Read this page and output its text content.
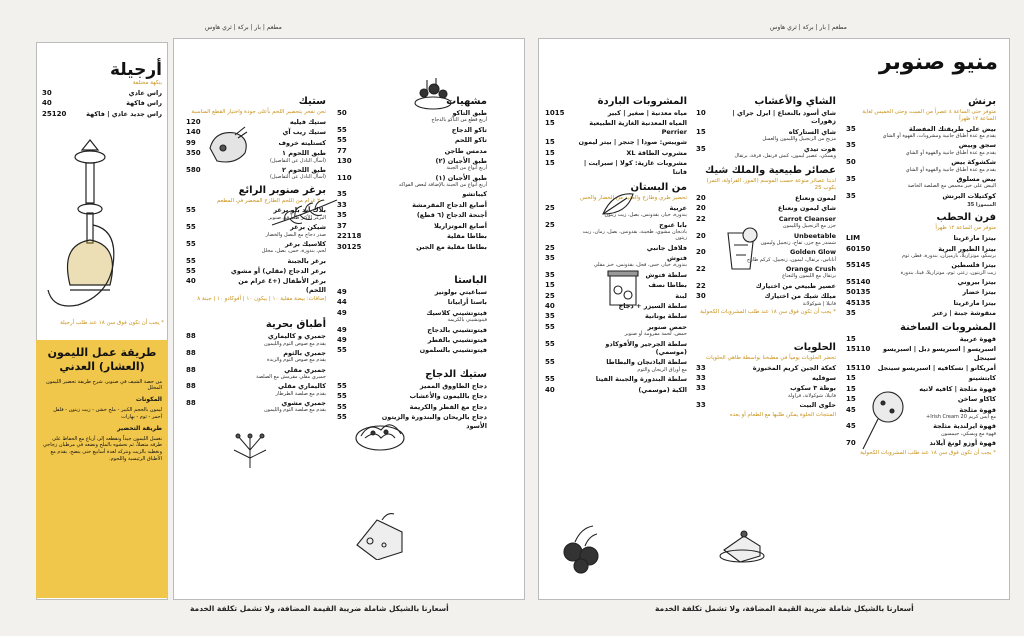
مطعم | بار | بركة | ثري هاوس	مطعم | بار | بركة | ثري هاوس
أرجيلة
بنكهة مختلفة
راس عادي
30
راس فاكهة
40
راس جديد عادي | فاكهة
25120
* يجب أن تكون فوق سن ١٨ عند طلب أرجيلة
طريقة عمل الليمون (العشار) العدني
من حصة الشيف في صنوبر، شرح طريقة تحضير الليمون المخلل
المكونات
ليمون بالحجم الكبير - ملح خشن - زيت زيتون - فلفل أحمر - ثوم - بهارات
طريقة التحضير
نغسل الليمون جيداً ونقطعه إلى أرباع مع الحفاظ على طرفه متصلاً، ثم نحشوه بالملح ونضعه في مرطبان زجاجي ونغطيه بالزيت ونتركه لعدة أسابيع حتى ينضج. يقدم مع الأطباق الرئيسية واللحوم.
مشهيات
طبق التاكو
أربع قطع من التاكو بالدجاج
50
تاكو الدجاج
55
تاكو اللحم
55
مدمس طاجن
77
طبق الأجبان (٢)
أربع أنواع من الجبنة
130
طبق الأجبان (١)
أربع أنواع من الجبنة بالإضافة لبعض الفواكه
110
كيباتشو
35
أصابع الدجاج المقرمشة
33
أجنحة الدجاج (٦ قطع)
35
أصابع الموتزاريلا
37
بطاطا مقلية
22118
بطاطا مقلية مع الجبن
30125
الباستا
سباغيتي بولونيز
49
باستا أرابياتا
44
فيتوتشيني كلاسيك
فيتوتشيني بالكريمة
49
فيتوتشيني بالدجاج
49
فيتوتشيني بالفطر
49
فيتوتشيني بالسلمون
55
ستيك الدجاج
دجاج الطاووق المميز
55
دجاج بالليمون والأعشاب
55
دجاج مع الفطر والكريمة
55
دجاج بالريحان والبندورة والزيتون الأسود
55
ستيك
نحن نفخر بتحضير اللحم بأعلى جودة واختيار القطع المناسبة
ستيك فيليه
120
ستيك ريب آي
140
كستليته خروف
99
طبق اللحوم ١
(أسأل النادل عن التفاصيل)
350
طبق اللحوم ٢
(أسأل النادل عن التفاصيل)
580
برغر صنوبر الرائع
٢٠٠ غرام من اللحم الطازج المحضر في المطعم
بلاك آند بلو برغر
البرغر الأكثر طلباً في صنوبر
55
شيكن برغر
صدر دجاج مع البصل والخضار
55
كلاسيك برغر
لحم، بندورة، خس، بصل، مخلل
55
برغر بالجبنة
55
برغر الدجاج (مقلي) أو مشوي
55
برغر الأطفال (+٤ غرام من اللحم)
40
إضافات: بيضة مقلية ١٠ | بيكون ١٠ | أفوكادو ١٠ | جبنة ٨
أطباق بحرية
جمبري و كاليماري
يقدم مع صوص الثوم والليمون
88
جمبري بالثوم
يقدم مع صوص الثوم والزبدة
88
جمبري مقلي
جمبري مقلي مقرمش مع الصلصة
88
كاليماري مقلي
يقدم مع صلصة الطرطار
88
جمبري مشوي
يقدم مع صلصة الثوم والليمون
88
أسعارنا بالشيكل شاملة ضريبة القيمة المضافة، ولا تشمل تكلفة الخدمة
منيو صنوبر
برنش
متوفر حتى الساعة ٤ عصراً من السبت وحتى الخميس لغاية الساعة ١٢ ظهراً
بيض على طريقتك المفضلة
يقدم مع عدة أطباق جانبية ومشروبات، القهوة أو الشاي
35
سجق وبيض
يقدم مع عدة أطباق جانبية والقهوة أو الشاي
35
شكشوكة بيض
يقدم مع عدة أطباق جانبية والقهوة أو الشاي
50
بيض مسلوق
البيض على خبز محمص مع الصلصة الخاصة
35
كوكتيلات البرنش
35
الميموزا 35
فرن الحطب
متوفر من الساعة ١٢ ظهراً
بيتزا مارغريتا
LIM
بيتزا الطيور البرية
برسكو، موتزاريلا، بارميزان، بندورة، فطر، ثوم
60150
بيتزا فلسطين
زيت الزيتون، زعتر، ثوم، موتزاريلا، فيتا، بندورة
55145
بيتزا بيروني
55140
بيتزا خضار
50135
بيتزا مارغريتا
45135
منقوشة جبنة | زعتر
35
المشروبات الساخنة
قهوة عربية
15
اسبريسو | اسبريسو دبل | اسبريسو سينجل
15110
أمريكانو | نسكافيه | اسبريسو سينجل
15110
كابتشينو
15
قهوة مثلجة | كافيه لاتيه
15
كاكاو ساخن
15
قهوة مثلجة
مع آيس كريم Irish Cream 20+
45
قهوة ايرلندية مثلجة
قهوة مع ويسكي، جيمسون
45
قهوة أوزو لونغ آيلاند
70
* يجب أن تكون فوق سن ١٨ عند طلب المشروبات الكحولية
الشاي والأعشاب
شاي أسود بالنعناع | ايرل جراي | زهورات
10
شاي الستاركاه
مزيج من الزنجبيل والليمون والعسل
15
هوت تيدي
ويسكي، عصير ليمون، كبش قرنفل، قرفة، برتقال
35
عصائر طبيعية والملك شيك
لدينا عصائر منوعة حسب الموسم (الموز، الفراولة، التمر) بكوب 25
ليمون ونعناع
20
شاي ليمون ونعناع
20
Carrot Cleanser
جزر مع الزنجبيل والليمون
22
Unbeetable
شمندر مع جزر، تفاح، زنجبيل وليمون
20
Golden Glow
أناناس، برتقال، ليمون، زنجبيل، كركم طازج
20
Orange Crush
برتقال مع الليمون والنعناع
22
عصير طبيعي من اختيارك
22
ميلك شيك من اختيارك
فانيلا | شوكولاتة
30
* يجب أن تكون فوق سن ١٨ عند طلب المشروبات الكحولية
الحلويات
تحضر الحلويات يومياً في مطبخنا بواسطة طاهي الحلويات
كعكة الجبن كريم المخبوزة
33
سوفليه
33
بوظة ٣ سكوب
فانيلا، شوكولاتة، فراولة
33
حلوى البيت
33
المنتجات الحلوة يمكن طلبها مع الطعام أو بعده
المشروبات الباردة
مياه معدنية | صغير | كبير
1015
المياه المعدنية الغازية الطبيعية Perrier
15
شويبس: صودا | جنجر | بيتر ليمون
15
مشروب الطاقة XL
15
مشروبات غازية: كولا | سبرايت | فانتا
15
من البستان
تحضير طري وطازج والعديد من الخضار والخس
عربية
بندورة، خيار، بقدونس، بصل، زيت زيتون
25
بابا غنوج
باذنجان مشوي، طحينة، بقدونس، بصل، رمان، زيت زيتون
25
فلافل جانبي
25
فتوش
بندورة، خيار، خس، فجل، بقدونس، خبز مقلي
35
سلطة فتوش
35
بطاطا نصف
15
لبنة
25
سلطة السيزر + دجاج
40
سلطة يونانية
35
حمص صنوبر
حمص، لحمة مفرومة أو صنوبر
55
سلطة الجرجير والأفوكادو (موسمي)
55
سلطة الباذنجان والبطاطا
مع أوراق الريحان والثوم
55
سلطة البندورة والجبنة الفيتا
55
الكبة (موسمي)
40
أسعارنا بالشيكل شاملة ضريبة القيمة المضافة، ولا تشمل تكلفة الخدمة
